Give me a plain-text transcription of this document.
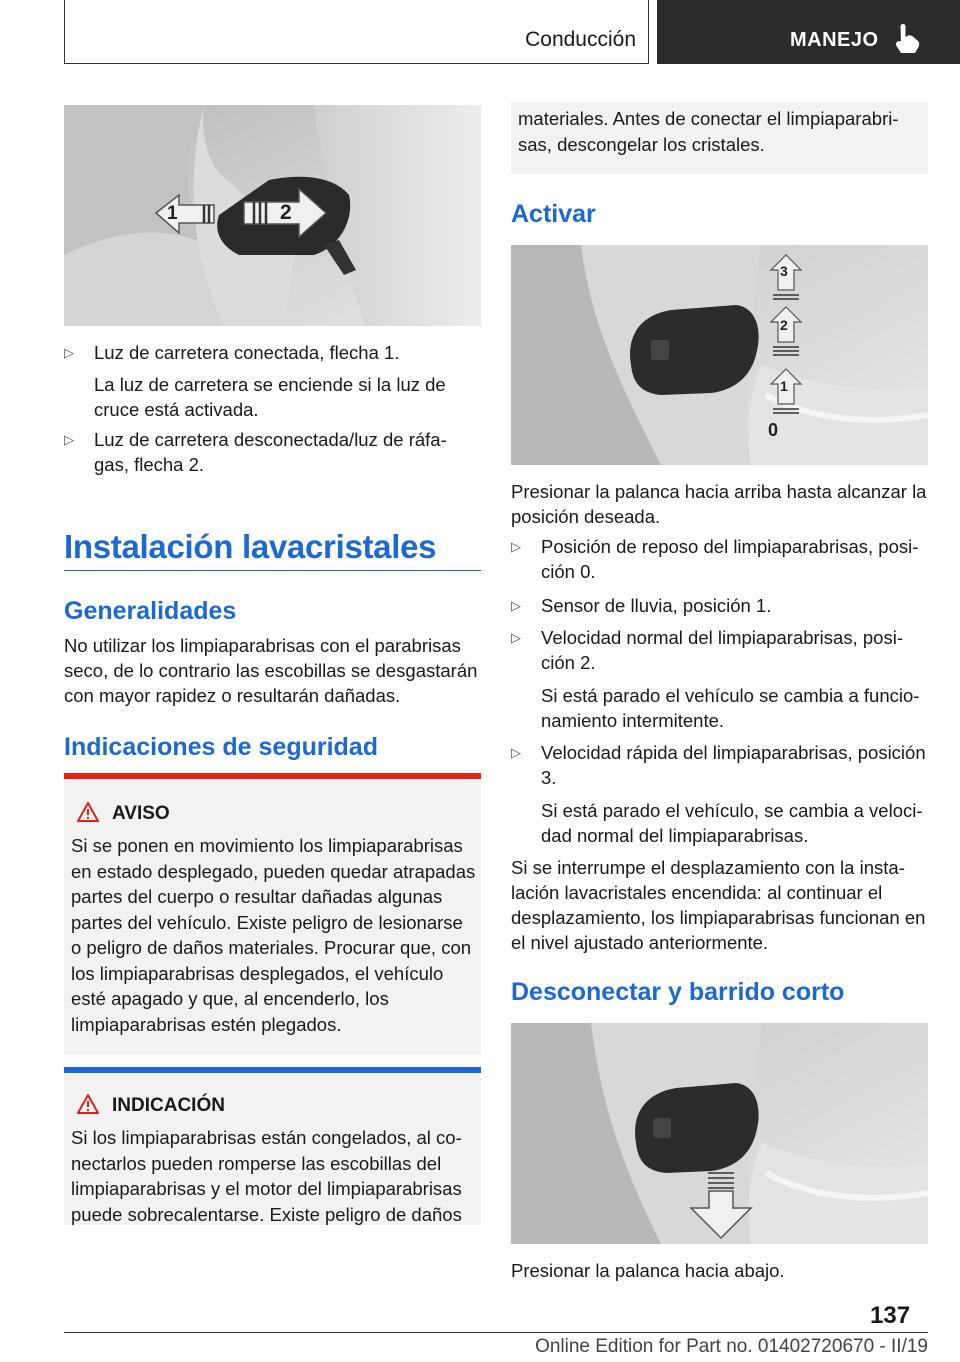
Conducción	MANEJO
1	2
▷ Luz de carretera conectada, flecha 1.
La luz de carretera se enciende si la luz de cruce está activada.
▷ Luz de carretera desconectada/luz de ráfagas, flecha 2.
Instalación lavacristales
Generalidades

No utilizar los limpiaparabrisas con el parabrisas seco, de lo contrario las escobillas se desgastarán con mayor rapidez o resultarán dañadas.

Indicaciones de seguridad
AVISO
Si se ponen en movimiento los limpiaparabrisas en estado desplegado, pueden quedar atrapadas partes del cuerpo o resultar dañadas algunas partes del vehículo. Existe peligro de lesionarse o peligro de daños materiales. Procurar que, con los limpiaparabrisas desplegados, el vehículo esté apagado y que, al encenderlo, los limpiaparabrisas estén plegados.
INDICACIÓN
Si los limpiaparabrisas están congelados, al conectarlos pueden romperse las escobillas del limpiaparabrisas y el motor del limpiaparabrisas puede sobrecalentarse. Existe peligro de daños
materiales. Antes de conectar el limpiaparabrisas, descongelar los cristales.
Activar
3
2
1
0

Presionar la palanca hacia arriba hasta alcanzar la posición deseada.

▷ Posición de reposo del limpiaparabrisas, posición 0.
▷ Sensor de lluvia, posición 1.
▷ Velocidad normal del limpiaparabrisas, posición 2.
Si está parado el vehículo se cambia a funcionamiento intermitente.
▷ Velocidad rápida del limpiaparabrisas, posición 3.
Si está parado el vehículo, se cambia a velocidad normal del limpiaparabrisas.

Si se interrumpe el desplazamiento con la instalación lavacristales encendida: al continuar el desplazamiento, los limpiaparabrisas funcionan en el nivel ajustado anteriormente.

Desconectar y barrido corto

Presionar la palanca hacia abajo.

137
Online Edition for Part no. 01402720670 - II/19
